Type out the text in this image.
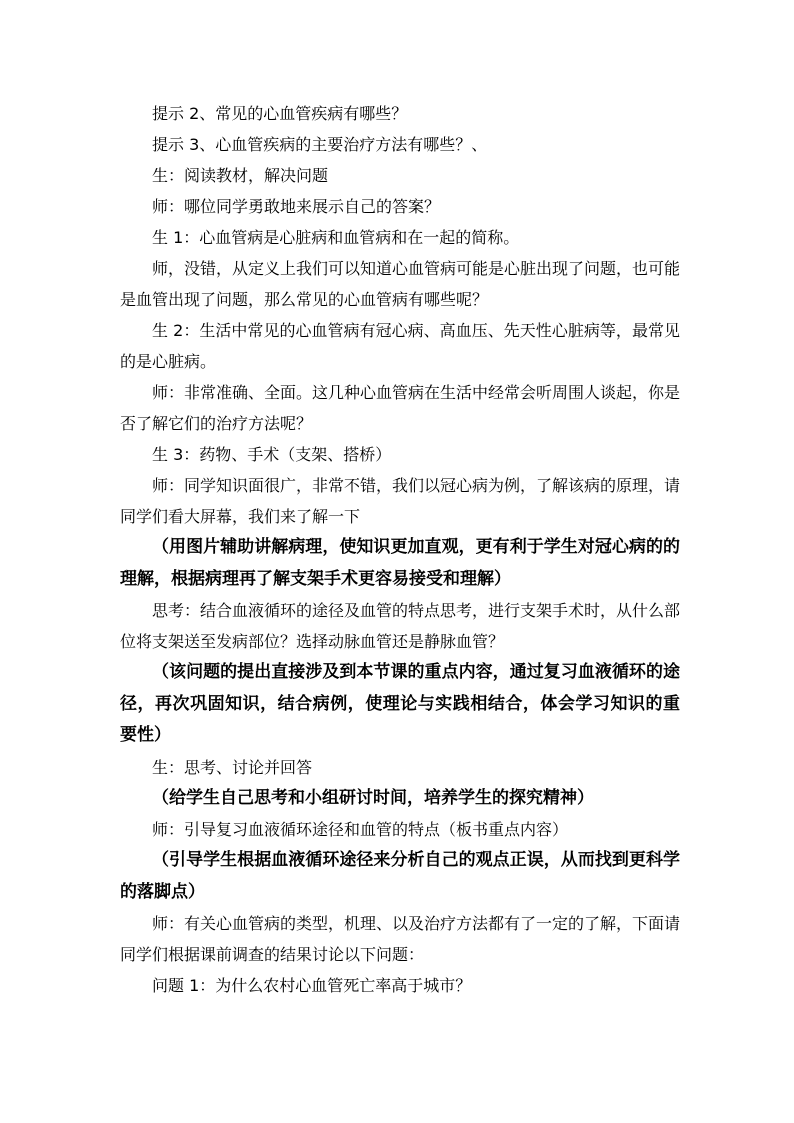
提示 2、常见的心血管疾病有哪些？

提示 3、心血管疾病的主要治疗方法有哪些？、

生：阅读教材，解决问题

师：哪位同学勇敢地来展示自己的答案？

生 1：心血管病是心脏病和血管病和在一起的简称。

师，没错，从定义上我们可以知道心血管病可能是心脏出现了问题，也可能是血管出现了问题，那么常见的心血管病有哪些呢？

生 2：生活中常见的心血管病有冠心病、高血压、先天性心脏病等，最常见的是心脏病。

师：非常准确、全面。这几种心血管病在生活中经常会听周围人谈起，你是否了解它们的治疗方法呢？

生 3：药物、手术（支架、搭桥）

师：同学知识面很广，非常不错，我们以冠心病为例，了解该病的原理，请同学们看大屏幕，我们来了解一下

（用图片辅助讲解病理，使知识更加直观，更有利于学生对冠心病的的理解，根据病理再了解支架手术更容易接受和理解）

思考：结合血液循环的途径及血管的特点思考，进行支架手术时，从什么部位将支架送至发病部位？选择动脉血管还是静脉血管？

（该问题的提出直接涉及到本节课的重点内容，通过复习血液循环的途径，再次巩固知识，结合病例，使理论与实践相结合，体会学习知识的重要性）

生：思考、讨论并回答

（给学生自己思考和小组研讨时间，培养学生的探究精神）

师：引导复习血液循环途径和血管的特点（板书重点内容）

（引导学生根据血液循环途径来分析自己的观点正误，从而找到更科学的落脚点）

师：有关心血管病的类型，机理、以及治疗方法都有了一定的了解，下面请同学们根据课前调查的结果讨论以下问题：

问题 1：为什么农村心血管死亡率高于城市？
